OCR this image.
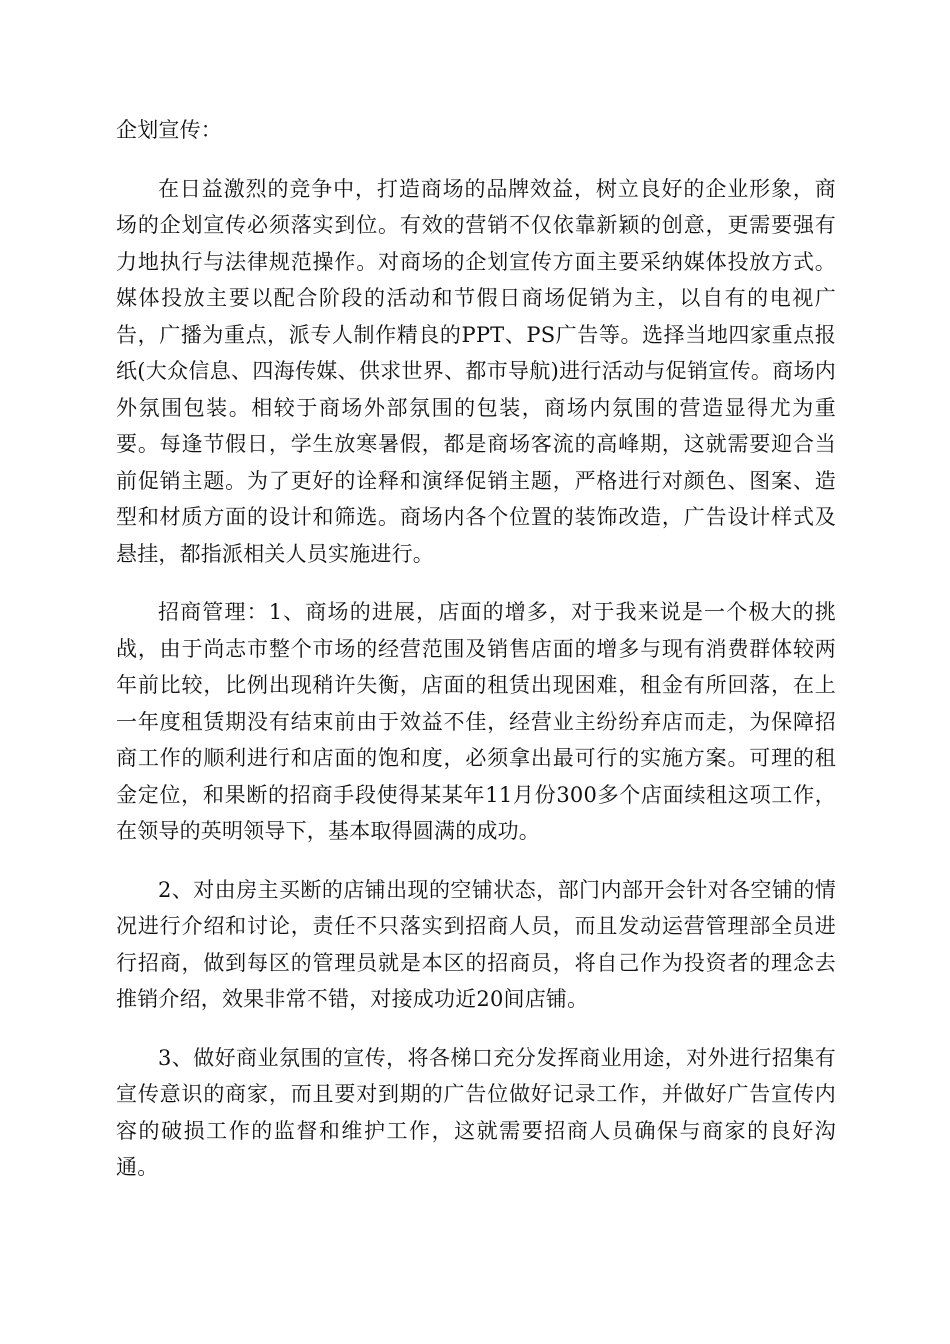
企划宣传：

在日益激烈的竞争中，打造商场的品牌效益，树立良好的企业形象，商场的企划宣传必须落实到位。有效的营销不仅依靠新颖的创意，更需要强有力地执行与法律规范操作。对商场的企划宣传方面主要采纳媒体投放方式。媒体投放主要以配合阶段的活动和节假日商场促销为主，以自有的电视广告，广播为重点，派专人制作精良的PPT、PS广告等。选择当地四家重点报纸(大众信息、四海传媒、供求世界、都市导航)进行活动与促销宣传。商场内外氛围包装。相较于商场外部氛围的包装，商场内氛围的营造显得尤为重要。每逢节假日，学生放寒暑假，都是商场客流的高峰期，这就需要迎合当前促销主题。为了更好的诠释和演绎促销主题，严格进行对颜色、图案、造型和材质方面的设计和筛选。商场内各个位置的装饰改造，广告设计样式及悬挂，都指派相关人员实施进行。

招商管理：1、商场的进展，店面的增多，对于我来说是一个极大的挑战，由于尚志市整个市场的经营范围及销售店面的增多与现有消费群体较两年前比较，比例出现稍许失衡，店面的租赁出现困难，租金有所回落，在上一年度租赁期没有结束前由于效益不佳，经营业主纷纷弃店而走，为保障招商工作的顺利进行和店面的饱和度，必须拿出最可行的实施方案。可理的租金定位，和果断的招商手段使得某某年11月份300多个店面续租这项工作，在领导的英明领导下，基本取得圆满的成功。

2、对由房主买断的店铺出现的空铺状态，部门内部开会针对各空铺的情况进行介绍和讨论，责任不只落实到招商人员，而且发动运营管理部全员进行招商，做到每区的管理员就是本区的招商员，将自己作为投资者的理念去推销介绍，效果非常不错，对接成功近20间店铺。

3、做好商业氛围的宣传，将各梯口充分发挥商业用途，对外进行招集有宣传意识的商家，而且要对到期的广告位做好记录工作，并做好广告宣传内容的破损工作的监督和维护工作，这就需要招商人员确保与商家的良好沟通。
